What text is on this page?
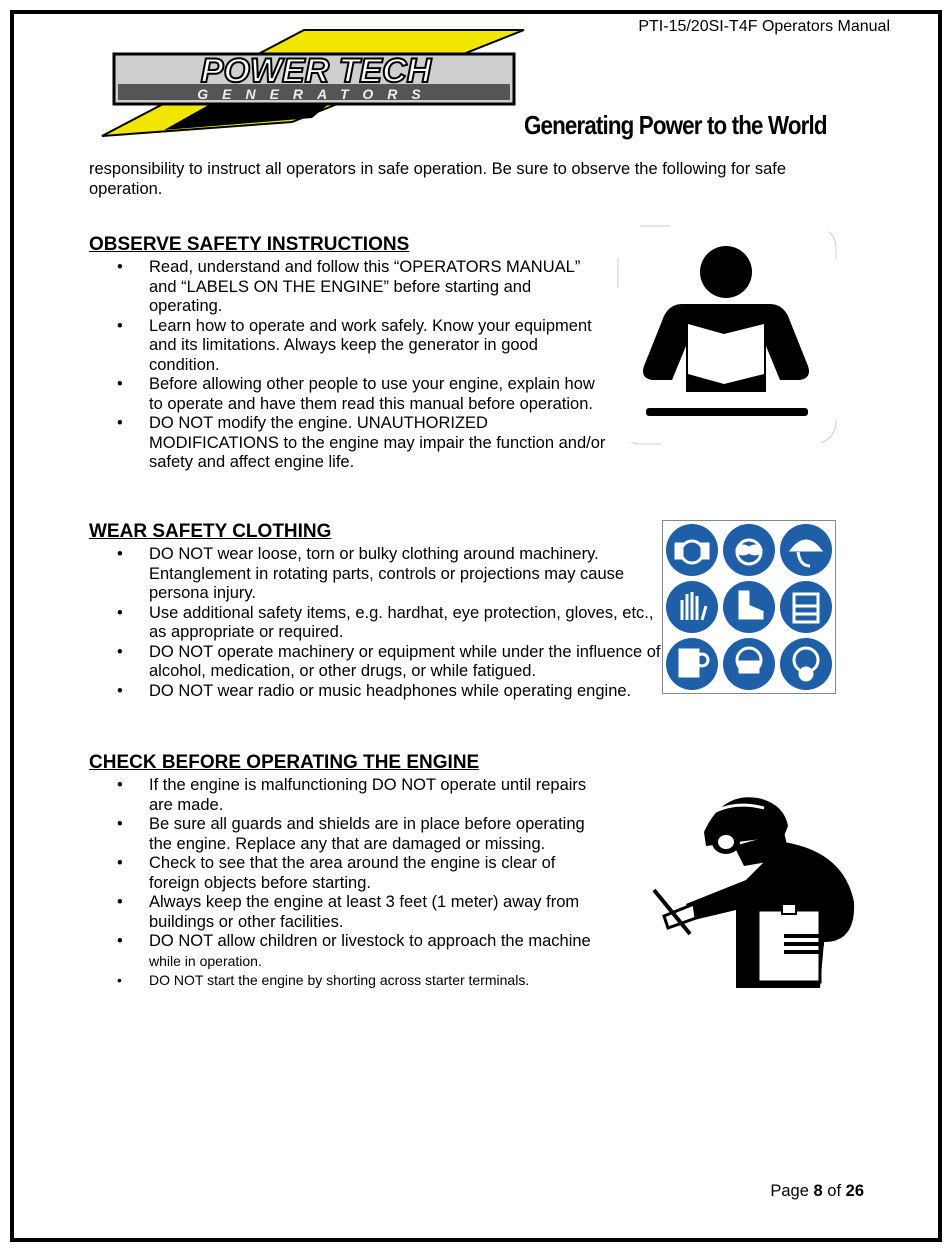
PTI-15/20SI-T4F Operators Manual
POWER TECH
GENERATORS
Generating Power to the World
responsibility to instruct all operators in safe operation. Be sure to observe the following for safe operation.
OBSERVE SAFETY INSTRUCTIONS
• Read, understand and follow this “OPERATORS MANUAL” and “LABELS ON THE ENGINE” before starting and operating.
• Learn how to operate and work safely. Know your equipment and its limitations. Always keep the generator in good condition.
• Before allowing other people to use your engine, explain how to operate and have them read this manual before operation.
• DO NOT modify the engine. UNAUTHORIZED MODIFICATIONS to the engine may impair the function and/or safety and affect engine life.
WEAR SAFETY CLOTHING
• DO NOT wear loose, torn or bulky clothing around machinery. Entanglement in rotating parts, controls or projections may cause persona injury.
• Use additional safety items, e.g. hardhat, eye protection, gloves, etc., as appropriate or required.
• DO NOT operate machinery or equipment while under the influence of alcohol, medication, or other drugs, or while fatigued.
• DO NOT wear radio or music headphones while operating engine.
CHECK BEFORE OPERATING THE ENGINE
• If the engine is malfunctioning DO NOT operate until repairs are made.
• Be sure all guards and shields are in place before operating the engine. Replace any that are damaged or missing.
• Check to see that the area around the engine is clear of foreign objects before starting.
• Always keep the engine at least 3 feet (1 meter) away from buildings or other facilities.
• DO NOT allow children or livestock to approach the machine
while in operation.
• DO NOT start the engine by shorting across starter terminals.
Page 8 of 26
